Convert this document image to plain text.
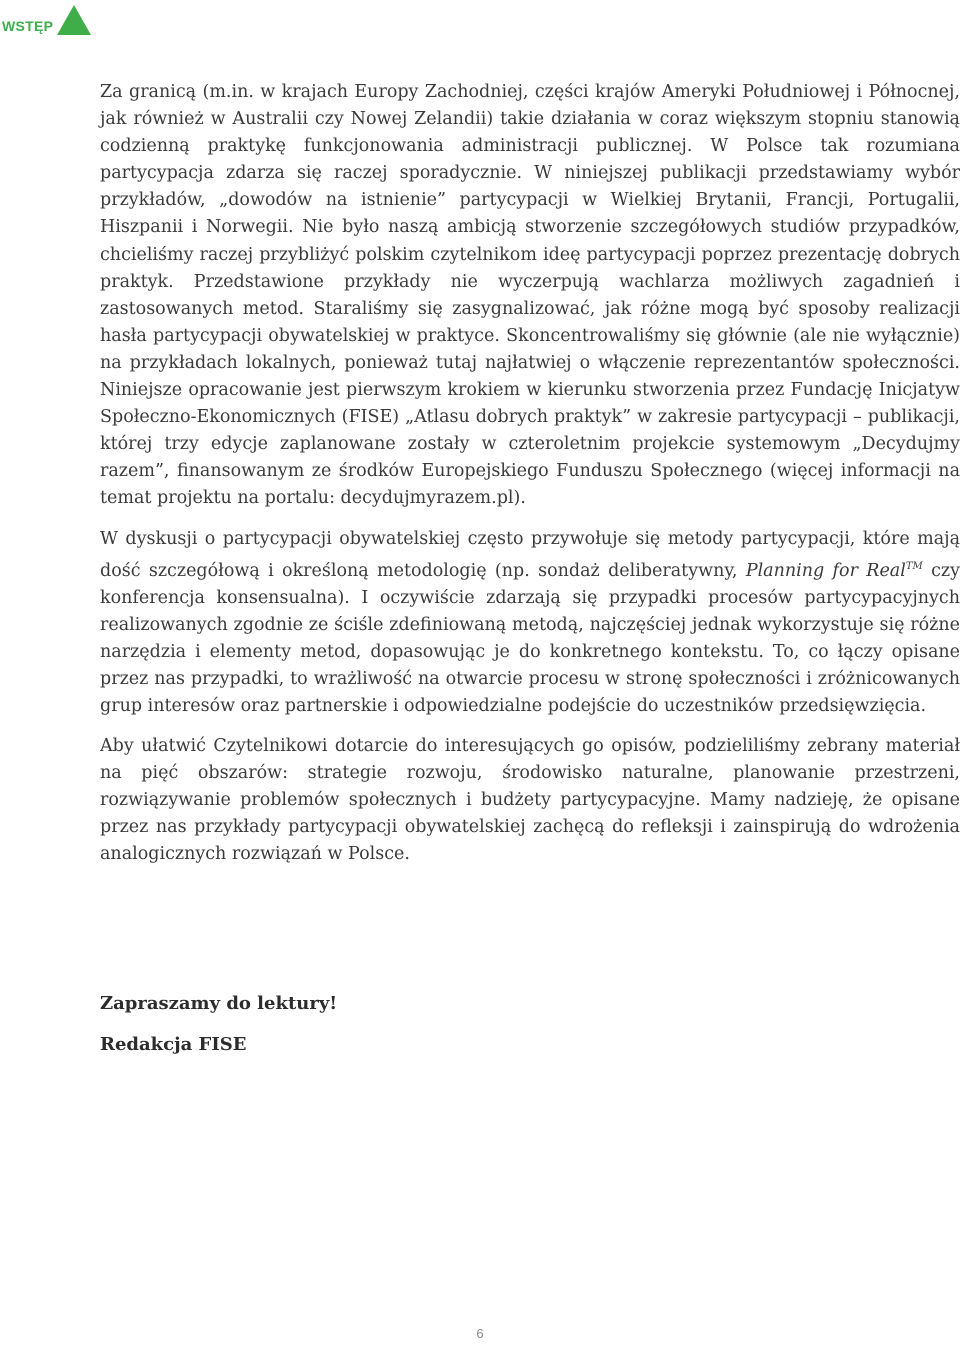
WSTĘP

Za granicą (m.in. w krajach Europy Zachodniej, części krajów Ameryki Południowej i Północnej, jak również w Australii czy Nowej Zelandii) takie działania w coraz większym stopniu stanowią codzienną praktykę funkcjonowania administracji publicznej. W Polsce tak rozumiana partycypacja zdarza się raczej sporadycznie. W niniejszej publikacji przedstawiamy wybór przykładów, „dowodów na istnienie” partycypacji w Wielkiej Brytanii, Francji, Portugalii, Hiszpanii i Norwegii. Nie było naszą ambicją stworzenie szczegółowych studiów przypadków, chcieliśmy raczej przybliżyć polskim czytelnikom ideę partycypacji poprzez prezentację dobrych praktyk. Przedstawione przykłady nie wyczerpują wachlarza możliwych zagadnień i zastosowanych metod. Staraliśmy się zasygnalizować, jak różne mogą być sposoby realizacji hasła partycypacji obywatelskiej w praktyce. Skoncentrowaliśmy się głównie (ale nie wyłącznie) na przykładach lokalnych, ponieważ tutaj najłatwiej o włączenie reprezentantów społeczności. Niniejsze opracowanie jest pierwszym krokiem w kierunku stworzenia przez Fundację Inicjatyw Społeczno-Ekonomicznych (FISE) „Atlasu dobrych praktyk” w zakresie partycypacji – publikacji, której trzy edycje zaplanowane zostały w czteroletnim projekcie systemowym „Decydujmy razem”, finansowanym ze środków Europejskiego Funduszu Społecznego (więcej informacji na temat projektu na portalu: decydujmyrazem.pl).

W dyskusji o partycypacji obywatelskiej często przywołuje się metody partycypacji, które mają dość szczegółową i określoną metodologię (np. sondaż deliberatywny, Planning for Real™ czy konferencja konsensualna). I oczywiście zdarzają się przypadki procesów partycypacyjnych realizowanych zgodnie ze ściśle zdefiniowaną metodą, najczęściej jednak wykorzystuje się różne narzędzia i elementy metod, dopasowując je do konkretnego kontekstu. To, co łączy opisane przez nas przypadki, to wrażliwość na otwarcie procesu w stronę społeczności i zróżnicowanych grup interesów oraz partnerskie i odpowiedzialne podejście do uczestników przedsięwzięcia.

Aby ułatwić Czytelnikowi dotarcie do interesujących go opisów, podzieliliśmy zebrany materiał na pięć obszarów: strategie rozwoju, środowisko naturalne, planowanie przestrzeni, rozwiązywanie problemów społecznych i budżety partycypacyjne. Mamy nadzieję, że opisane przez nas przykłady partycypacji obywatelskiej zachęcą do refleksji i zainspirują do wdrożenia analogicznych rozwiązań w Polsce.

Zapraszamy do lektury!
Redakcja FISE
6
